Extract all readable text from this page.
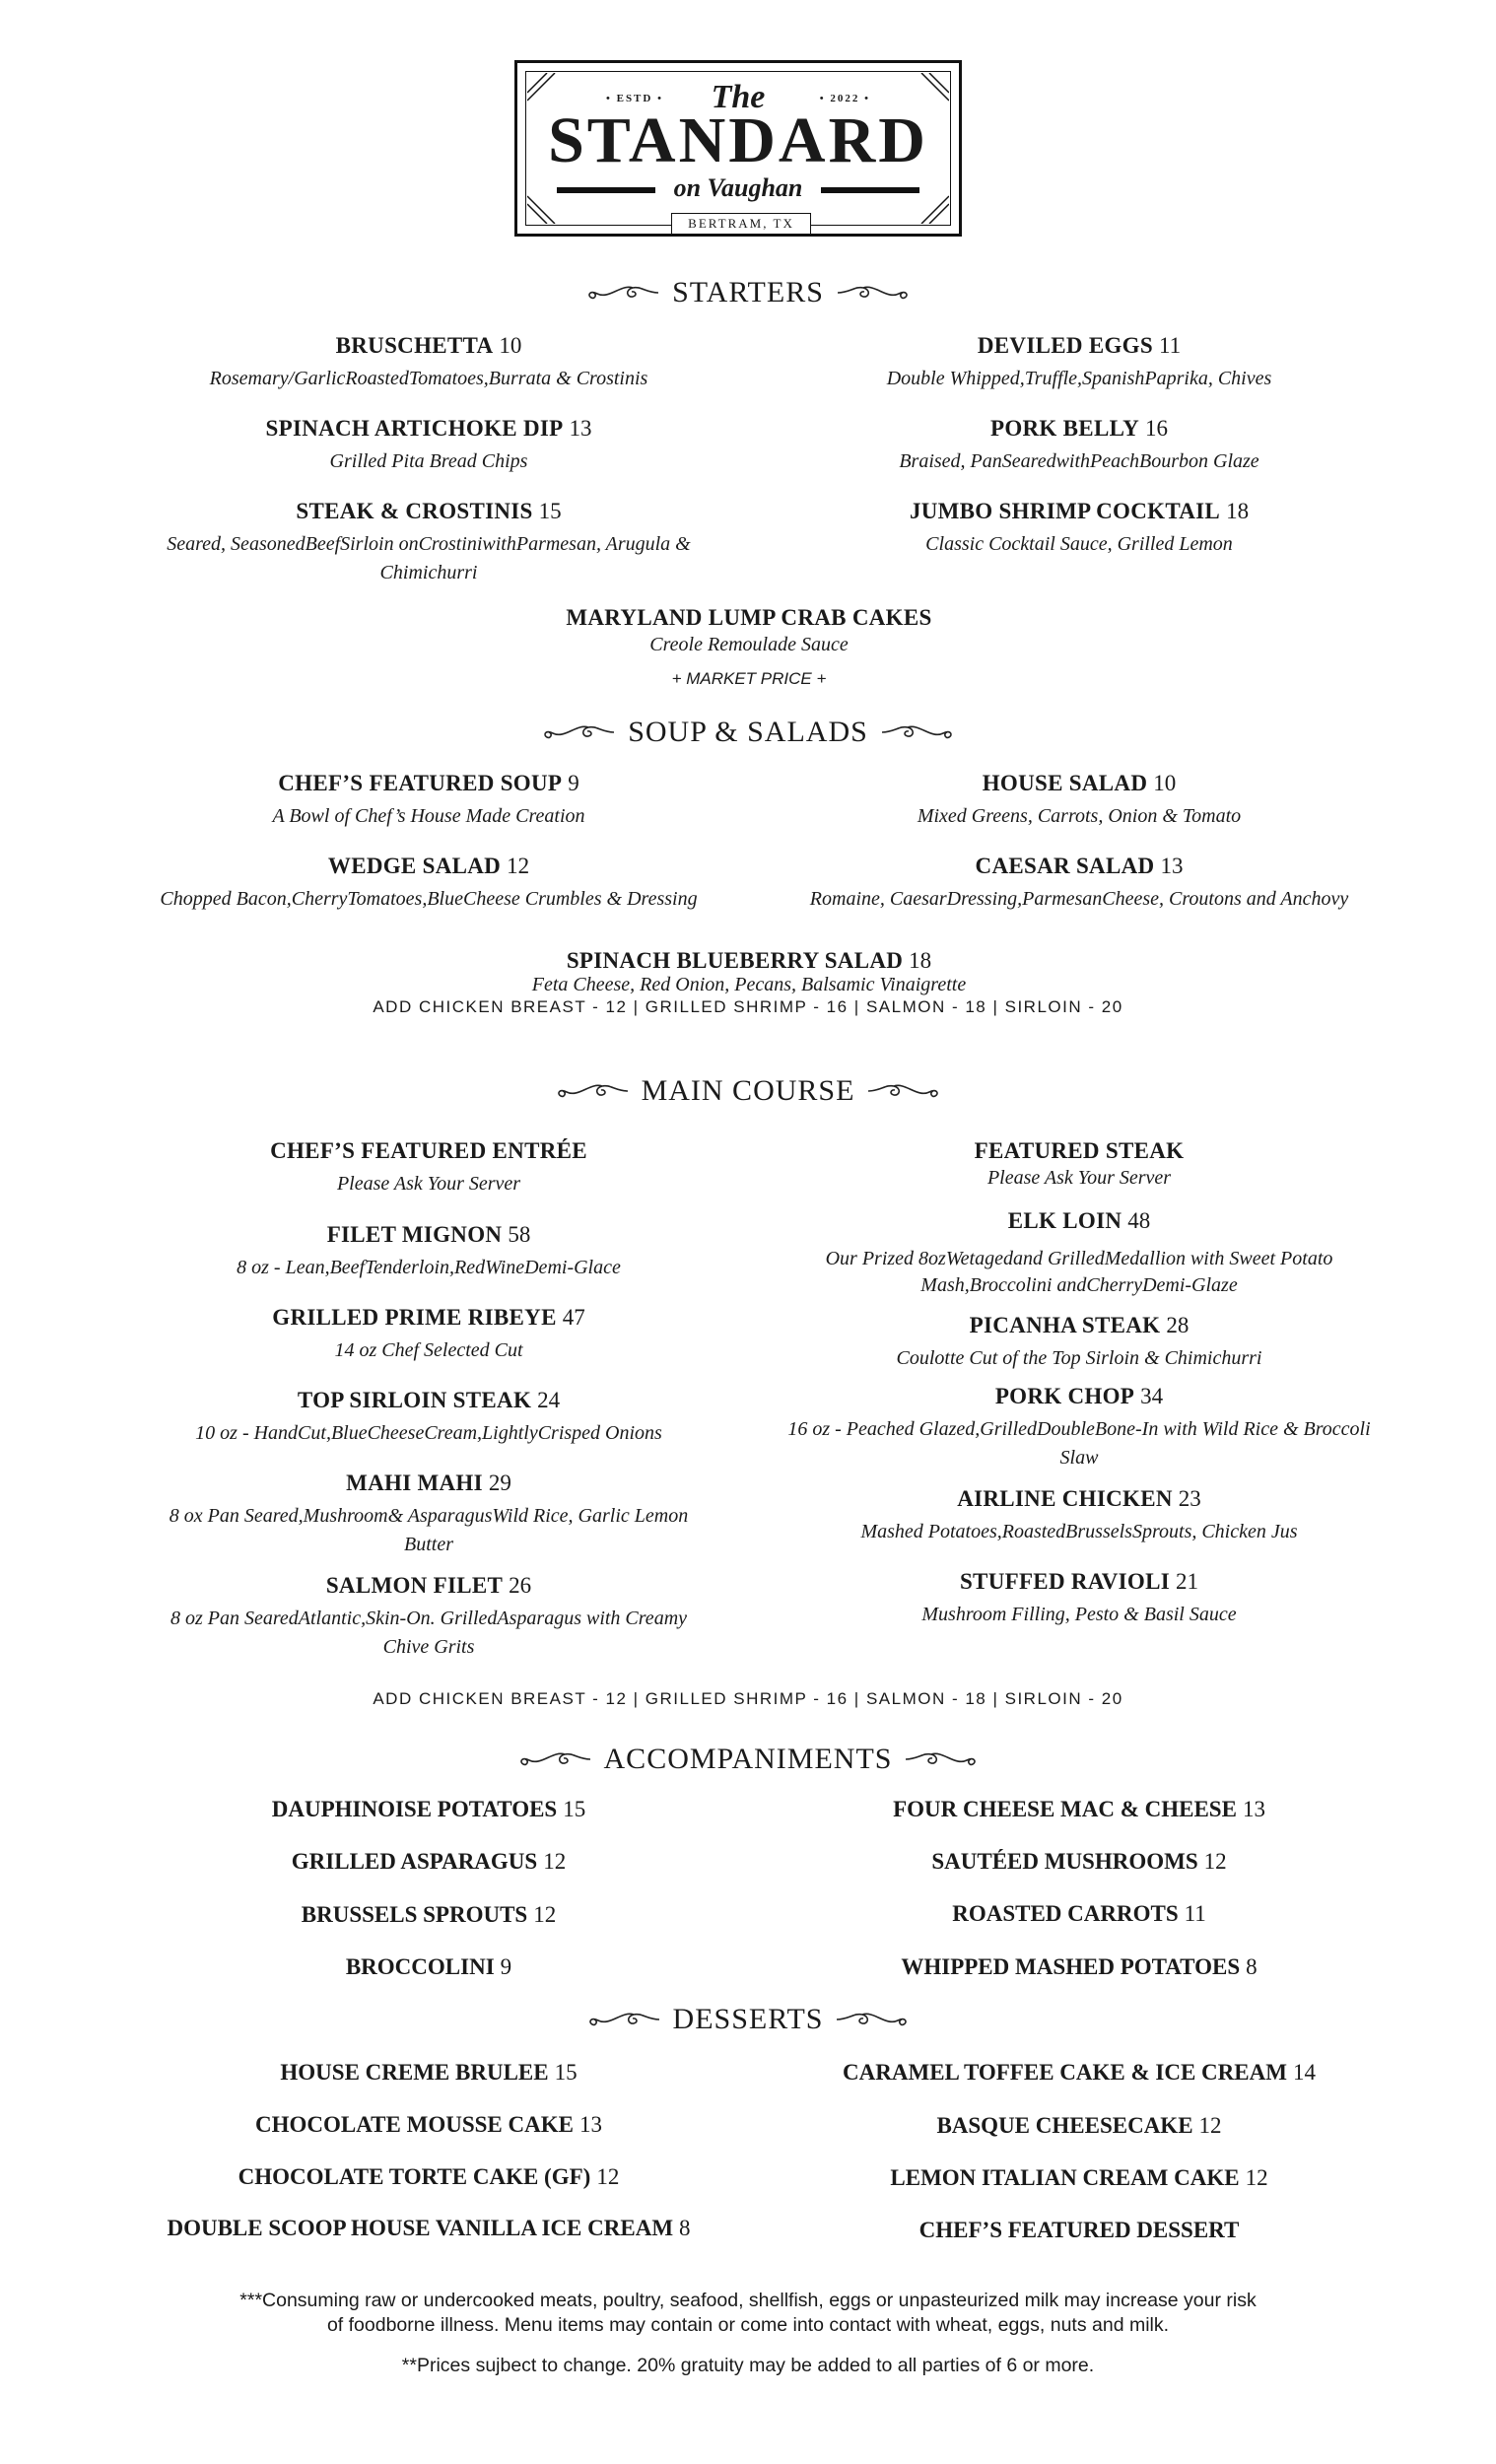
• ESTD •	• 2022 •
The
STANDARD
on Vaughan
BERTRAM, TX
STARTERS
BRUSCHETTA 10
Rosemary/GarlicRoastedTomatoes,Burrata & Crostinis
DEVILED EGGS 11
Double Whipped,Truffle,SpanishPaprika, Chives
SPINACH ARTICHOKE DIP 13
Grilled Pita Bread Chips
PORK BELLY 16
Braised, PanSearedwithPeachBourbon Glaze
STEAK & CROSTINIS 15
Seared, SeasonedBeefSirloin onCrostiniwithParmesan, Arugula & Chimichurri
JUMBO SHRIMP COCKTAIL 18
Classic Cocktail Sauce, Grilled Lemon
MARYLAND LUMP CRAB CAKES
Creole Remoulade Sauce
+ MARKET PRICE +
SOUP & SALADS
CHEF’S FEATURED SOUP 9
A Bowl of Chef’s House Made Creation
HOUSE SALAD 10
Mixed Greens, Carrots, Onion & Tomato
WEDGE SALAD 12
Chopped Bacon,CherryTomatoes,BlueCheese Crumbles & Dressing
CAESAR SALAD 13
Romaine, CaesarDressing,ParmesanCheese, Croutons and Anchovy
SPINACH BLUEBERRY SALAD 18
Feta Cheese, Red Onion, Pecans, Balsamic Vinaigrette
ADD CHICKEN BREAST - 12 | GRILLED SHRIMP - 16 | SALMON - 18 | SIRLOIN - 20
MAIN COURSE
CHEF’S FEATURED ENTRÉE
Please Ask Your Server
FILET MIGNON 58
8 oz - Lean,BeefTenderloin,RedWineDemi-Glace
GRILLED PRIME RIBEYE 47
14 oz Chef Selected Cut
TOP SIRLOIN STEAK 24
10 oz - HandCut,BlueCheeseCream,LightlyCrisped Onions
MAHI MAHI 29
8 ox Pan Seared,Mushroom& AsparagusWild Rice, Garlic Lemon Butter
SALMON FILET 26
8 oz Pan SearedAtlantic,Skin-On. GrilledAsparagus with Creamy Chive Grits
FEATURED STEAK
Please Ask Your Server
ELK LOIN 48
Our Prized 8ozWetagedand GrilledMedallion with Sweet Potato Mash,Broccolini andCherryDemi-Glaze
PICANHA STEAK 28
Coulotte Cut of the Top Sirloin & Chimichurri
PORK CHOP 34
16 oz - Peached Glazed,GrilledDoubleBone-In with Wild Rice & Broccoli Slaw
AIRLINE CHICKEN 23
Mashed Potatoes,RoastedBrusselsSprouts, Chicken Jus
STUFFED RAVIOLI 21
Mushroom Filling, Pesto & Basil Sauce
ADD CHICKEN BREAST - 12 | GRILLED SHRIMP - 16 | SALMON - 18 | SIRLOIN - 20
ACCOMPANIMENTS
DAUPHINOISE POTATOES 15
GRILLED ASPARAGUS 12
BRUSSELS SPROUTS 12
BROCCOLINI 9
FOUR CHEESE MAC & CHEESE 13
SAUTÉED MUSHROOMS 12
ROASTED CARROTS 11
WHIPPED MASHED POTATOES 8
DESSERTS
HOUSE CREME BRULEE 15
CHOCOLATE MOUSSE CAKE 13
CHOCOLATE TORTE CAKE (GF) 12
DOUBLE SCOOP HOUSE VANILLA ICE CREAM 8
CARAMEL TOFFEE CAKE & ICE CREAM 14
BASQUE CHEESECAKE 12
LEMON ITALIAN CREAM CAKE 12
CHEF’S FEATURED DESSERT
***Consuming raw or undercooked meats, poultry, seafood, shellfish, eggs or unpasteurized milk may increase your risk
of foodborne illness. Menu items may contain or come into contact with wheat, eggs, nuts and milk.
**Prices sujbect to change. 20% gratuity may be added to all parties of 6 or more.
